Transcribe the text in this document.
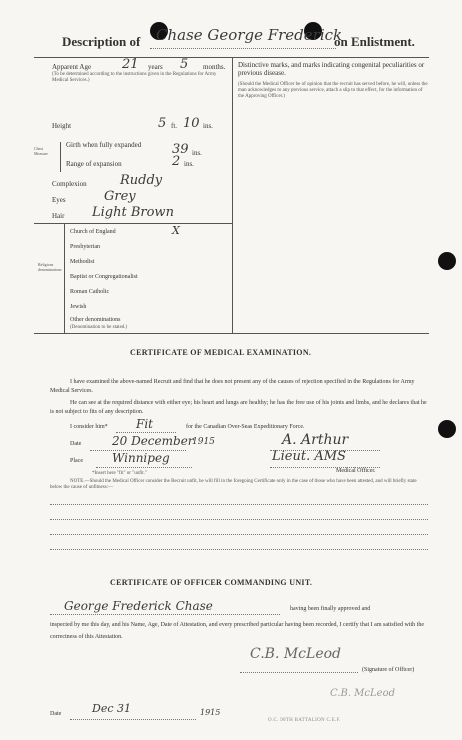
Description of Chase George Frederick
on Enlistment.
Apparent Age 21 years 5 months.
(To be determined according to the instructions given in the Regulations for Army Medical Services.)
Distinctive marks, and marks indicating congenital peculiarities or previous disease.
(Should the Medical Officer be of opinion that the recruit has served before, he will, unless the man acknowledges to any previous service, attach a slip to that effect, for the information of the Approving Officer.)
Height	5 ft. 10 ins.
Chest Measure
Girth when fully expanded	39 ins.
Range of expansion	2 ins.
Complexion	Ruddy
Eyes	Grey
Hair Light Brown
Religious denominations
Church of England	X
Presbyterian
Methodist
Baptist or Congregationalist
Roman Catholic
Jewish
Other denominations
(Denomination to be stated.)
CERTIFICATE OF MEDICAL EXAMINATION.
I have examined the above-named Recruit and find that he does not present any of the causes of rejection specified in the Regulations for Army Medical Services.
He can see at the required distance with either eye; his heart and lungs are healthy; he has the free use of his joints and limbs, and he declares that he is not subject to fits of any description.
I consider him* Fit	for the Canadian Over-Seas Expeditionary Force.
Date	20 December
1915	A. Arthur
Place Winnipeg	Lieut. AMS
Medical Officer.
*Insert here "fit" or "unfit."
NOTE.—Should the Medical Officer consider the Recruit unfit, he will fill in the foregoing Certificate only in the case of those who have been attested, and will briefly state below the cause of unfitness:—
CERTIFICATE OF OFFICER COMMANDING UNIT.
George Frederick Chase	having been finally approved and
inspected by me this day, and his Name, Age, Date of Attestation, and every prescribed particular having been recorded, I certify that I am satisfied with the correctness of this Attestation.
C.B. McLeod
(Signature of Officer)
Date	Dec 31	1915
C.B. McLeod
O.C. 90TH BATTALION C.E.F.
